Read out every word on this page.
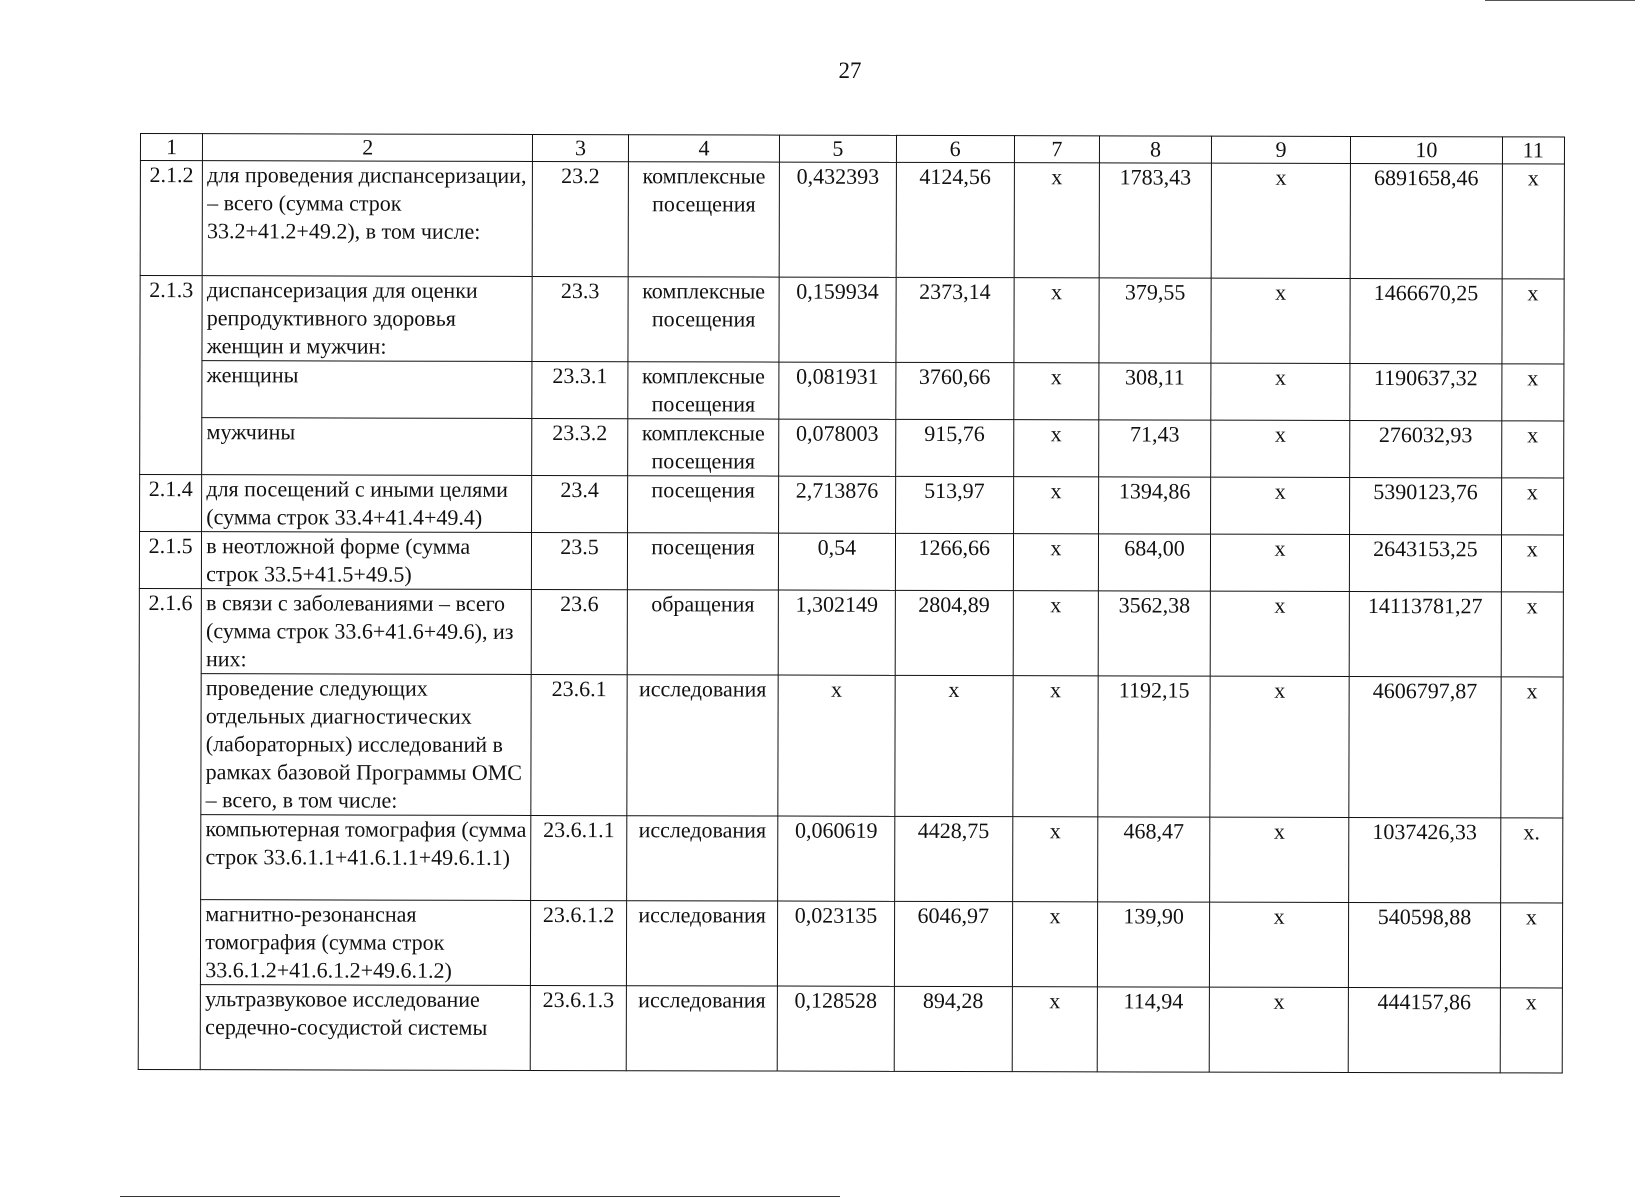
27
1	2	3	4	5	6	7	8	9	10	11
2.1.2	для проведения диспансеризации, – всего (сумма строк 33.2+41.2+49.2), в том числе:	23.2	комплексные посещения	0,432393	4124,56	х	1783,43	х	6891658,46	х
2.1.3	диспансеризация для оценки репродуктивного здоровья женщин и мужчин:	23.3	комплексные посещения	0,159934	2373,14	х	379,55	х	1466670,25	х
	женщины	23.3.1	комплексные посещения	0,081931	3760,66	х	308,11	х	1190637,32	х
	мужчины	23.3.2	комплексные посещения	0,078003	915,76	х	71,43	х	276032,93	х
2.1.4	для посещений с иными целями (сумма строк 33.4+41.4+49.4)	23.4	посещения	2,713876	513,97	х	1394,86	х	5390123,76	х
2.1.5	в неотложной форме (сумма строк 33.5+41.5+49.5)	23.5	посещения	0,54	1266,66	х	684,00	х	2643153,25	х
2.1.6	в связи с заболеваниями – всего (сумма строк 33.6+41.6+49.6), из них:	23.6	обращения	1,302149	2804,89	х	3562,38	х	14113781,27	х
	проведение следующих отдельных диагностических (лабораторных) исследований в рамках базовой Программы ОМС – всего, в том числе:	23.6.1	исследования	х	х	х	1192,15	х	4606797,87	х
	компьютерная томография (сумма строк 33.6.1.1+41.6.1.1+49.6.1.1)	23.6.1.1	исследования	0,060619	4428,75	х	468,47	х	1037426,33	х.
	магнитно-резонансная томография (сумма строк 33.6.1.2+41.6.1.2+49.6.1.2)	23.6.1.2	исследования	0,023135	6046,97	х	139,90	х	540598,88	х
	ультразвуковое исследование сердечно-сосудистой системы	23.6.1.3	исследования	0,128528	894,28	х	114,94	х	444157,86	х
